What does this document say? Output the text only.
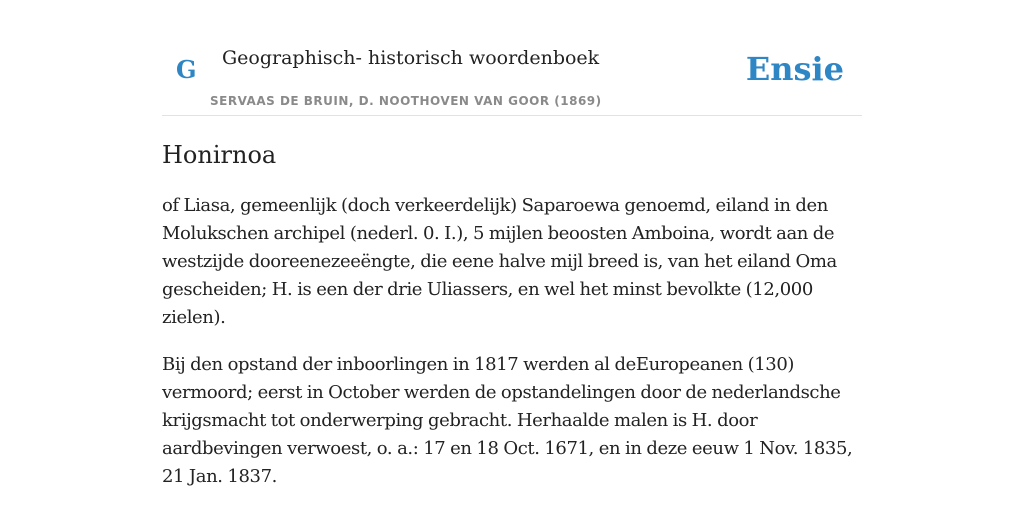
G Geographisch- historisch woordenboek
SERVAAS DE BRUIN, D. NOOTHOVEN VAN GOOR (1869)
Ensie
Honirnoa

of Liasa, gemeenlijk (doch verkeerdelijk) Saparoewa genoemd, eiland in den Molukschen archipel (nederl. 0. I.), 5 mijlen beoosten Amboina, wordt aan de westzijde dooreenezeeëngte, die eene halve mijl breed is, van het eiland Oma gescheiden; H. is een der drie Uliassers, en wel het minst bevolkte (12,000 zielen).

Bij den opstand der inboorlingen in 1817 werden al deEuropeanen (130) vermoord; eerst in October werden de opstandelingen door de nederlandsche krijgsmacht tot onderwerping gebracht. Herhaalde malen is H. door aardbevingen verwoest, o. a.: 17 en 18 Oct. 1671, en in deze eeuw 1 Nov. 1835, 21 Jan. 1837.
